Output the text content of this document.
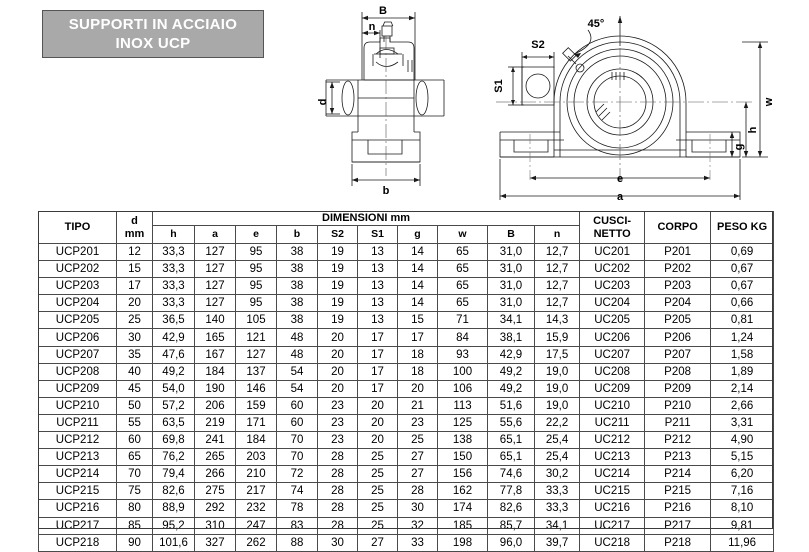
SUPPORTI IN ACCIAIO
INOX UCP
B
n
d
b
45°
S2
S1
w
h
g
e
a
TIPO	d
mm	DIMENSIONI mm										CUSCI-
NETTO	CORPO	PESO KG
		h	a	e	b	S2	S1	g	w	B	n			
UCP201	12	33,3	127	95	38	19	13	14	65	31,0	12,7	UC201	P201	0,69
UCP202	15	33,3	127	95	38	19	13	14	65	31,0	12,7	UC202	P202	0,67
UCP203	17	33,3	127	95	38	19	13	14	65	31,0	12,7	UC203	P203	0,67
UCP204	20	33,3	127	95	38	19	13	14	65	31,0	12,7	UC204	P204	0,66
UCP205	25	36,5	140	105	38	19	13	15	71	34,1	14,3	UC205	P205	0,81
UCP206	30	42,9	165	121	48	20	17	17	84	38,1	15,9	UC206	P206	1,24
UCP207	35	47,6	167	127	48	20	17	18	93	42,9	17,5	UC207	P207	1,58
UCP208	40	49,2	184	137	54	20	17	18	100	49,2	19,0	UC208	P208	1,89
UCP209	45	54,0	190	146	54	20	17	20	106	49,2	19,0	UC209	P209	2,14
UCP210	50	57,2	206	159	60	23	20	21	113	51,6	19,0	UC210	P210	2,66
UCP211	55	63,5	219	171	60	23	20	23	125	55,6	22,2	UC211	P211	3,31
UCP212	60	69,8	241	184	70	23	20	25	138	65,1	25,4	UC212	P212	4,90
UCP213	65	76,2	265	203	70	28	25	27	150	65,1	25,4	UC213	P213	5,15
UCP214	70	79,4	266	210	72	28	25	27	156	74,6	30,2	UC214	P214	6,20
UCP215	75	82,6	275	217	74	28	25	28	162	77,8	33,3	UC215	P215	7,16
UCP216	80	88,9	292	232	78	28	25	30	174	82,6	33,3	UC216	P216	8,10
UCP217	85	95,2	310	247	83	28	25	32	185	85,7	34,1	UC217	P217	9,81
UCP218	90	101,6	327	262	88	30	27	33	198	96,0	39,7	UC218	P218	11,96
